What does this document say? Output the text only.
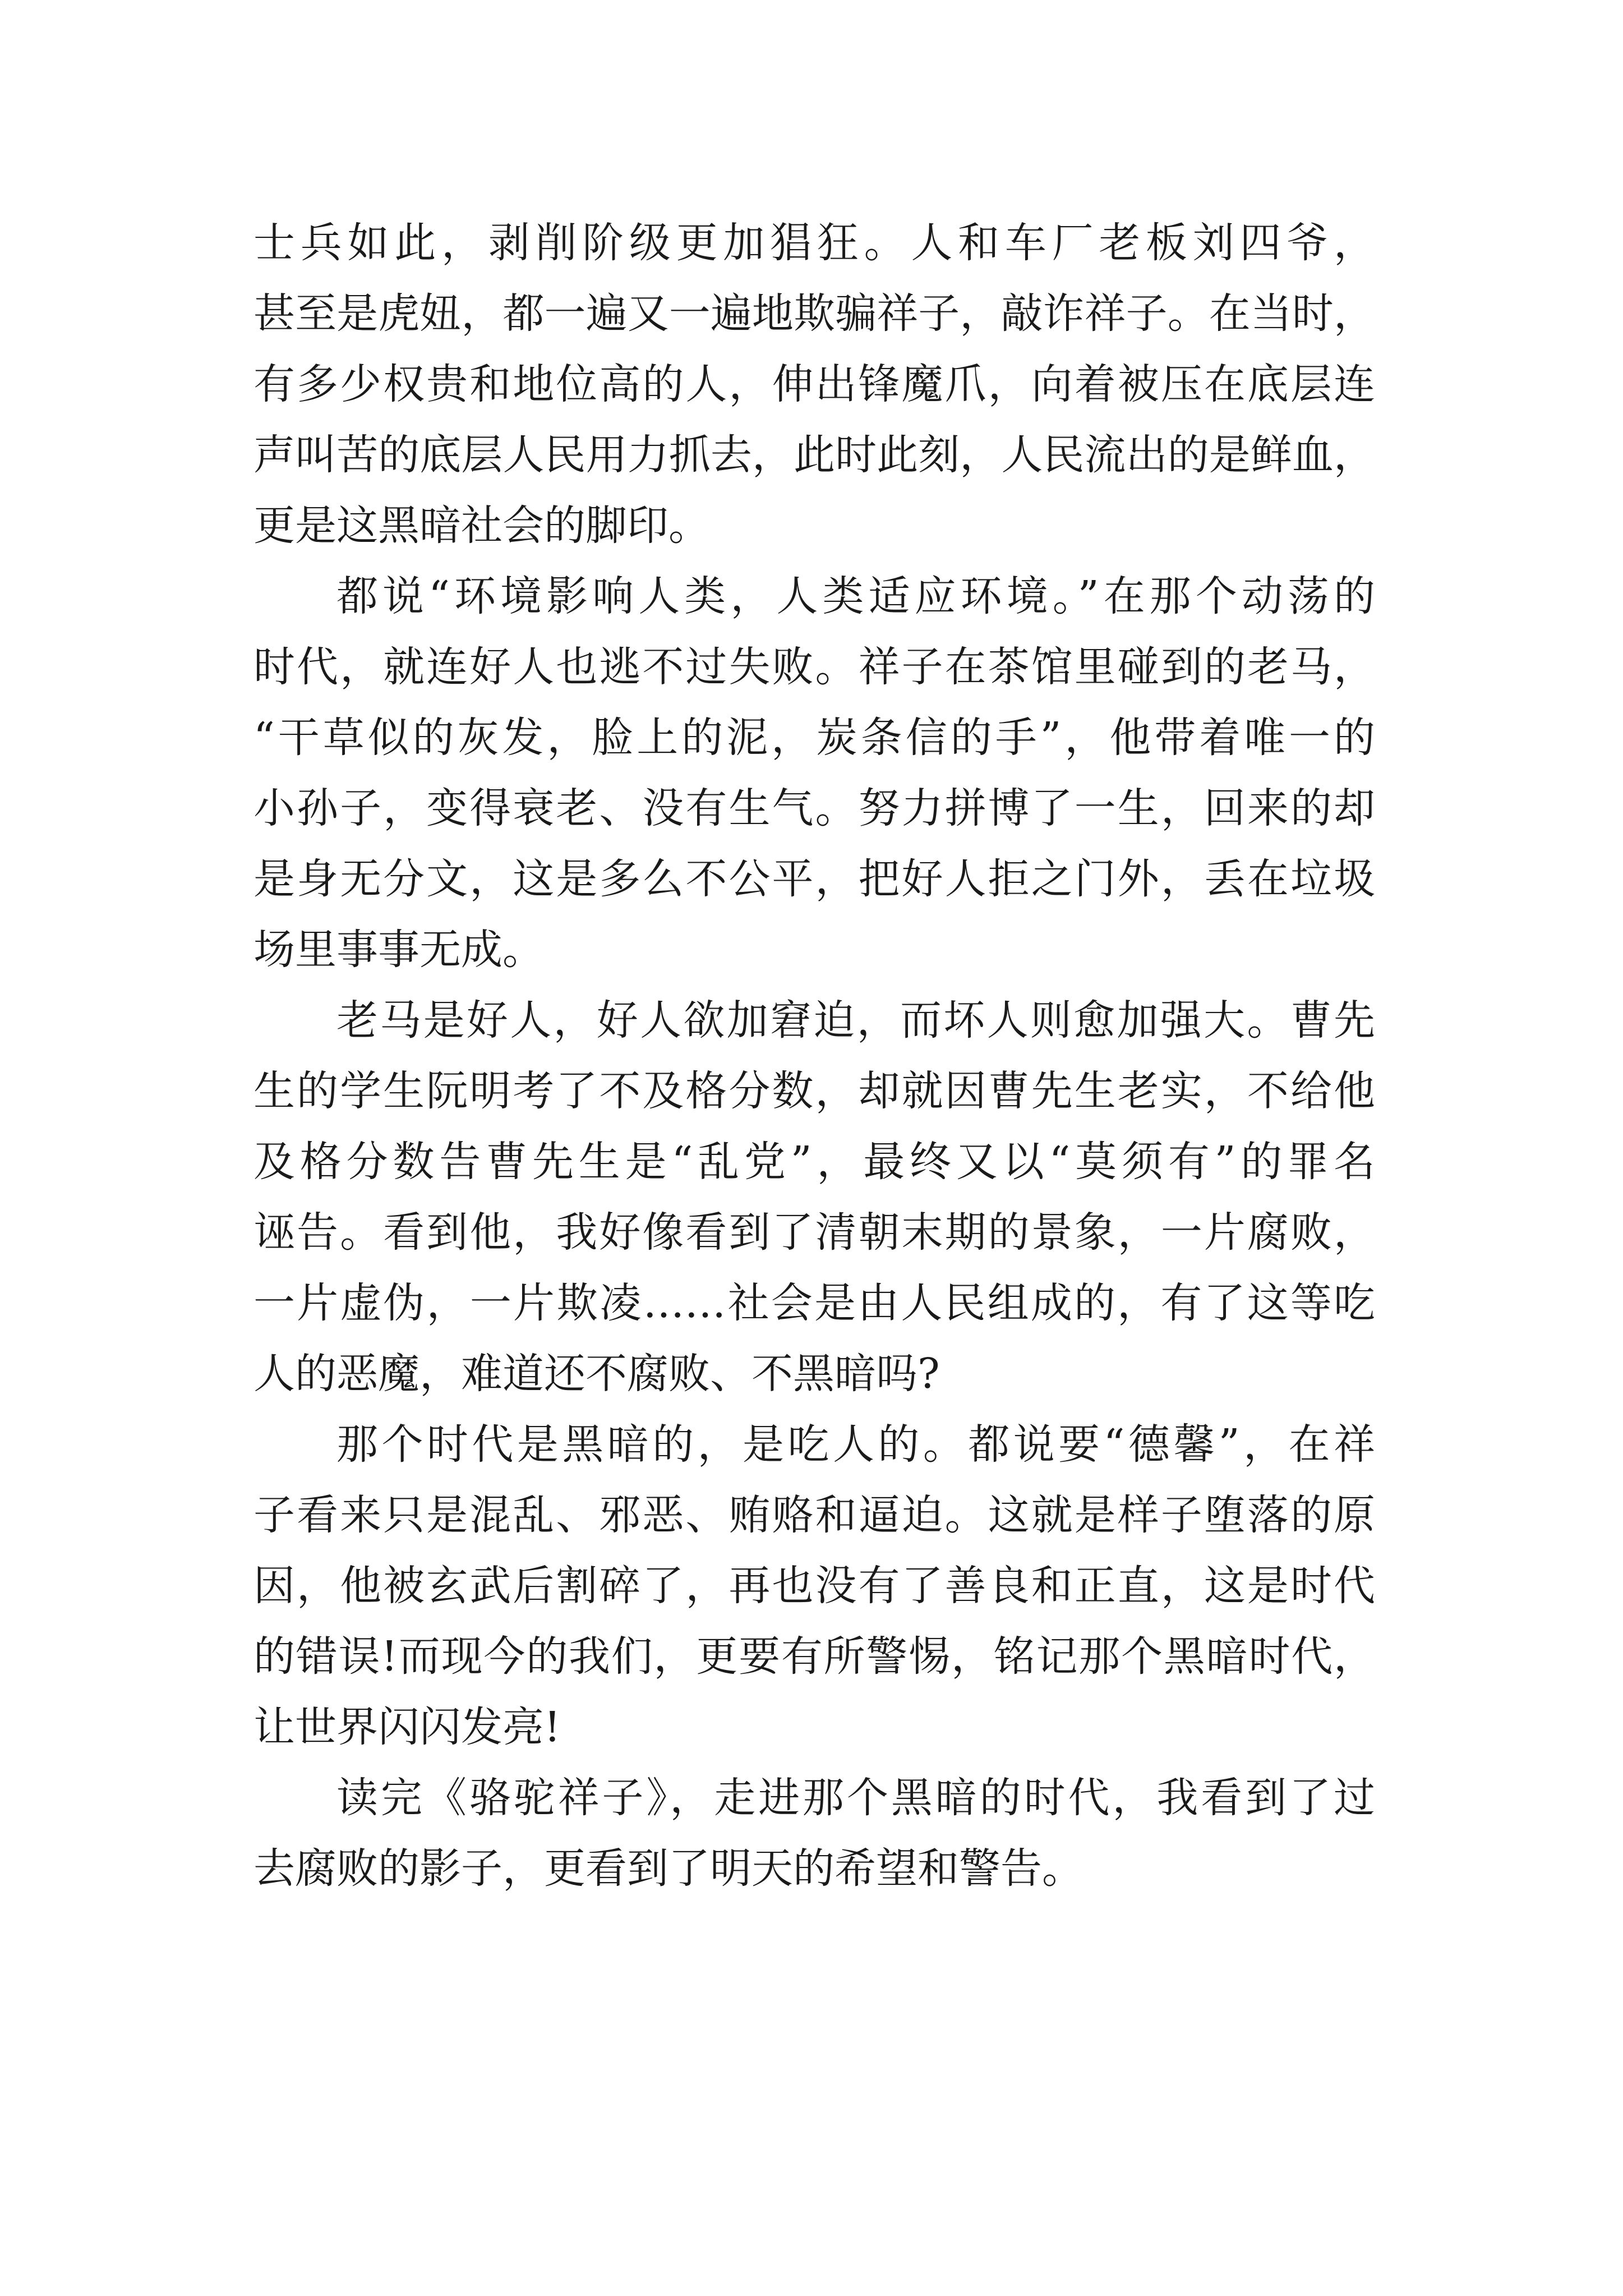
士兵如此，剥削阶级更加猖狂。人和车厂老板刘四爷，
甚至是虎妞，都一遍又一遍地欺骗祥子，敲诈祥子。在当时，
有多少权贵和地位高的人，伸出锋魔爪，向着被压在底层连
声叫苦的底层人民用力抓去，此时此刻，人民流出的是鲜血，
更是这黑暗社会的脚印。
都说“环境影响人类，人类适应环境。”在那个动荡的
时代，就连好人也逃不过失败。祥子在茶馆里碰到的老马，
“干草似的灰发，脸上的泥，炭条信的手”，他带着唯一的
小孙子，变得衰老、没有生气。努力拼博了一生，回来的却
是身无分文，这是多么不公平，把好人拒之门外，丢在垃圾
场里事事无成。
老马是好人，好人欲加窘迫，而坏人则愈加强大。曹先
生的学生阮明考了不及格分数，却就因曹先生老实，不给他
及格分数告曹先生是“乱党”，最终又以“莫须有”的罪名
诬告。看到他，我好像看到了清朝末期的景象，一片腐败，
一片虚伪，一片欺凌……社会是由人民组成的，有了这等吃
人的恶魔，难道还不腐败、不黑暗吗?
那个时代是黑暗的，是吃人的。都说要“德馨”，在祥
子看来只是混乱、邪恶、贿赂和逼迫。这就是样子堕落的原
因，他被玄武后割碎了，再也没有了善良和正直，这是时代
的错误!而现今的我们，更要有所警惕，铭记那个黑暗时代，
让世界闪闪发亮!
读完《骆驼祥子》，走进那个黑暗的时代，我看到了过
去腐败的影子，更看到了明天的希望和警告。
